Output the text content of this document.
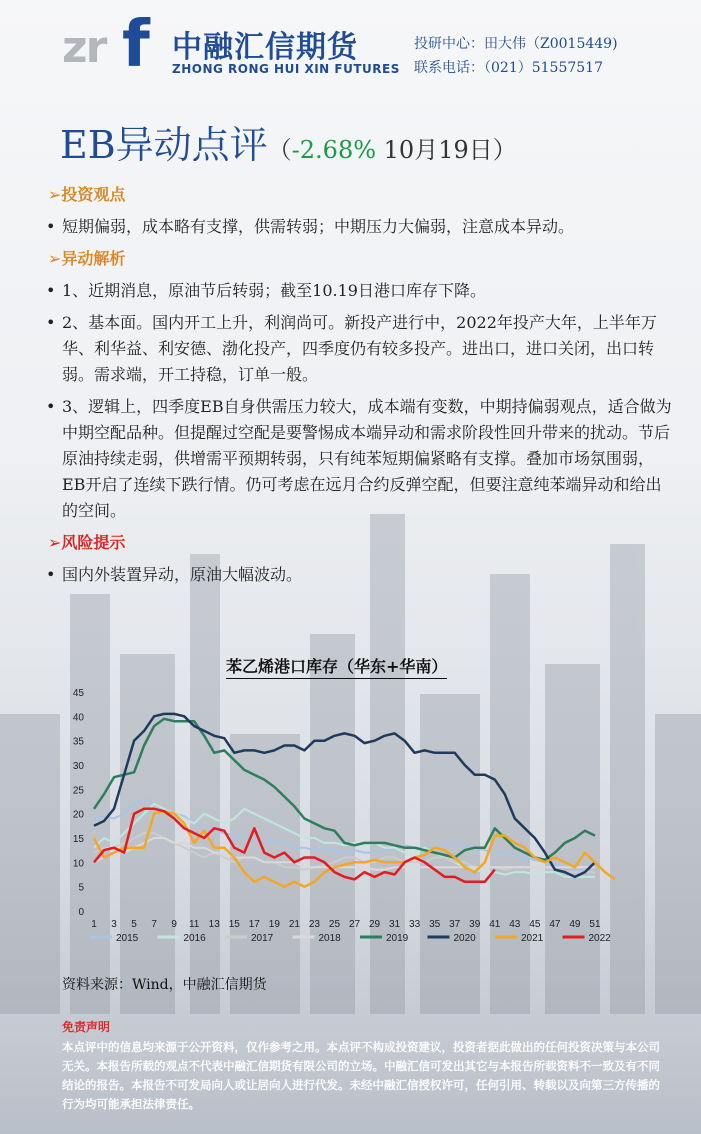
zr f 中融汇信期货
ZHONG RONG HUI XIN FUTURES
投研中心：田大伟（Z0015449)
联系电话：（021）51557517
EB异动点评（-2.68% 10月19日）
➢投资观点
• 短期偏弱，成本略有支撑，供需转弱；中期压力大偏弱，注意成本异动。
➢异动解析
• 1、近期消息，原油节后转弱；截至10.19日港口库存下降。
• 2、基本面。国内开工上升，利润尚可。新投产进行中，2022年投产大年，上半年万华、利华益、利安德、渤化投产，四季度仍有较多投产。进出口，进口关闭，出口转弱。需求端，开工持稳，订单一般。
• 3、逻辑上，四季度EB自身供需压力较大，成本端有变数，中期持偏弱观点，适合做为中期空配品种。但提醒过空配是要警惕成本端异动和需求阶段性回升带来的扰动。节后原油持续走弱，供增需平预期转弱，只有纯苯短期偏紧略有支撑。叠加市场氛围弱，EB开启了连续下跌行情。仍可考虑在远月合约反弹空配，但要注意纯苯端异动和给出的空间。
➢风险提示
• 国内外装置异动，原油大幅波动。
苯乙烯港口库存（华东+华南）
0
5
10
15
20
25
30
35
40
45
1 3 5 7 9 11 13 15 17 19 21 23 25 27 29 31 33 35 37 39 41 43 45 47 49 51
2015	2016	2017	2018	2019	2020	2021	2022
资料来源：Wind，中融汇信期货
免责声明
本点评中的信息均来源于公开资料，仅作参考之用。本点评不构成投资建议，投资者据此做出的任何投资决策与本公司无关。本报告所载的观点不代表中融汇信期货有限公司的立场。中融汇信可发出其它与本报告所载资料不一致及有不同结论的报告。本报告不可发局向人或让居向人进行代发。未经中融汇信授权许可，任何引用、转载以及向第三方传播的行为均可能承担法律责任。
